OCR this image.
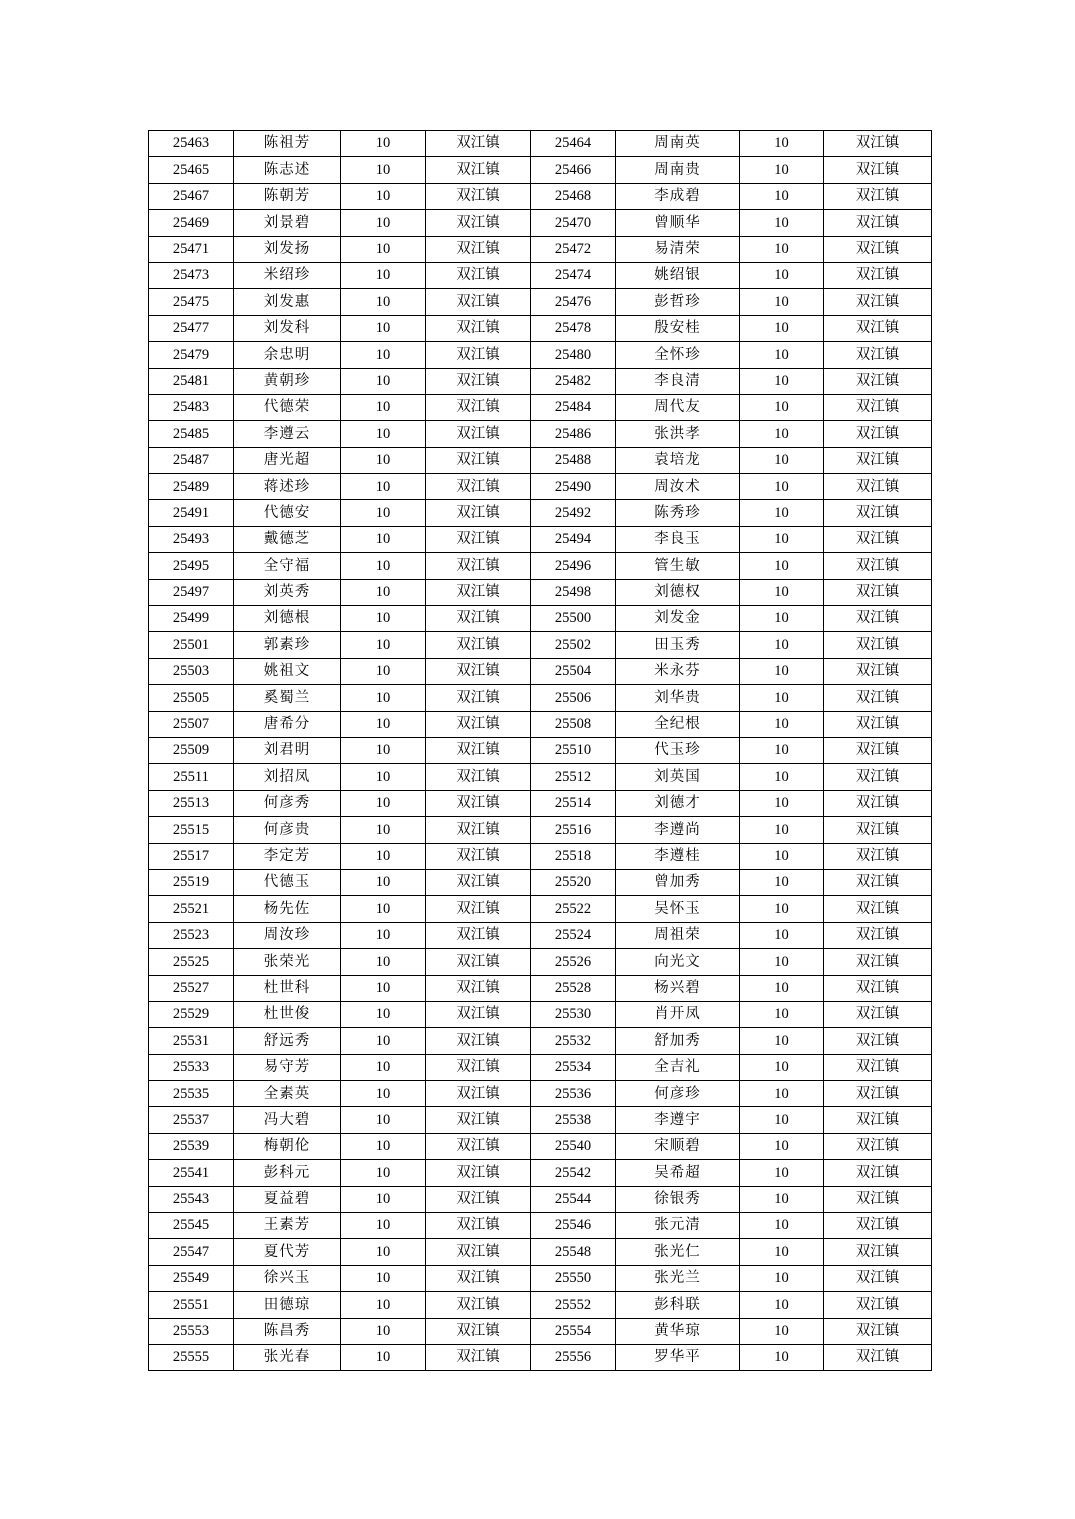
25463	陈祖芳	10	双江镇	25464	周南英	10	双江镇
25465	陈志述	10	双江镇	25466	周南贵	10	双江镇
25467	陈朝芳	10	双江镇	25468	李成碧	10	双江镇
25469	刘景碧	10	双江镇	25470	曾顺华	10	双江镇
25471	刘发扬	10	双江镇	25472	易清荣	10	双江镇
25473	米绍珍	10	双江镇	25474	姚绍银	10	双江镇
25475	刘发惠	10	双江镇	25476	彭哲珍	10	双江镇
25477	刘发科	10	双江镇	25478	殷安桂	10	双江镇
25479	余忠明	10	双江镇	25480	全怀珍	10	双江镇
25481	黄朝珍	10	双江镇	25482	李良清	10	双江镇
25483	代德荣	10	双江镇	25484	周代友	10	双江镇
25485	李遵云	10	双江镇	25486	张洪孝	10	双江镇
25487	唐光超	10	双江镇	25488	袁培龙	10	双江镇
25489	蒋述珍	10	双江镇	25490	周汝术	10	双江镇
25491	代德安	10	双江镇	25492	陈秀珍	10	双江镇
25493	戴德芝	10	双江镇	25494	李良玉	10	双江镇
25495	全守福	10	双江镇	25496	管生敏	10	双江镇
25497	刘英秀	10	双江镇	25498	刘德权	10	双江镇
25499	刘德根	10	双江镇	25500	刘发金	10	双江镇
25501	郭素珍	10	双江镇	25502	田玉秀	10	双江镇
25503	姚祖文	10	双江镇	25504	米永芬	10	双江镇
25505	奚蜀兰	10	双江镇	25506	刘华贵	10	双江镇
25507	唐希分	10	双江镇	25508	全纪根	10	双江镇
25509	刘君明	10	双江镇	25510	代玉珍	10	双江镇
25511	刘招凤	10	双江镇	25512	刘英国	10	双江镇
25513	何彦秀	10	双江镇	25514	刘德才	10	双江镇
25515	何彦贵	10	双江镇	25516	李遵尚	10	双江镇
25517	李定芳	10	双江镇	25518	李遵桂	10	双江镇
25519	代德玉	10	双江镇	25520	曾加秀	10	双江镇
25521	杨先佐	10	双江镇	25522	吴怀玉	10	双江镇
25523	周汝珍	10	双江镇	25524	周祖荣	10	双江镇
25525	张荣光	10	双江镇	25526	向光文	10	双江镇
25527	杜世科	10	双江镇	25528	杨兴碧	10	双江镇
25529	杜世俊	10	双江镇	25530	肖开凤	10	双江镇
25531	舒远秀	10	双江镇	25532	舒加秀	10	双江镇
25533	易守芳	10	双江镇	25534	全吉礼	10	双江镇
25535	全素英	10	双江镇	25536	何彦珍	10	双江镇
25537	冯大碧	10	双江镇	25538	李遵宇	10	双江镇
25539	梅朝伦	10	双江镇	25540	宋顺碧	10	双江镇
25541	彭科元	10	双江镇	25542	吴希超	10	双江镇
25543	夏益碧	10	双江镇	25544	徐银秀	10	双江镇
25545	王素芳	10	双江镇	25546	张元清	10	双江镇
25547	夏代芳	10	双江镇	25548	张光仁	10	双江镇
25549	徐兴玉	10	双江镇	25550	张光兰	10	双江镇
25551	田德琼	10	双江镇	25552	彭科联	10	双江镇
25553	陈昌秀	10	双江镇	25554	黄华琼	10	双江镇
25555	张光春	10	双江镇	25556	罗华平	10	双江镇
